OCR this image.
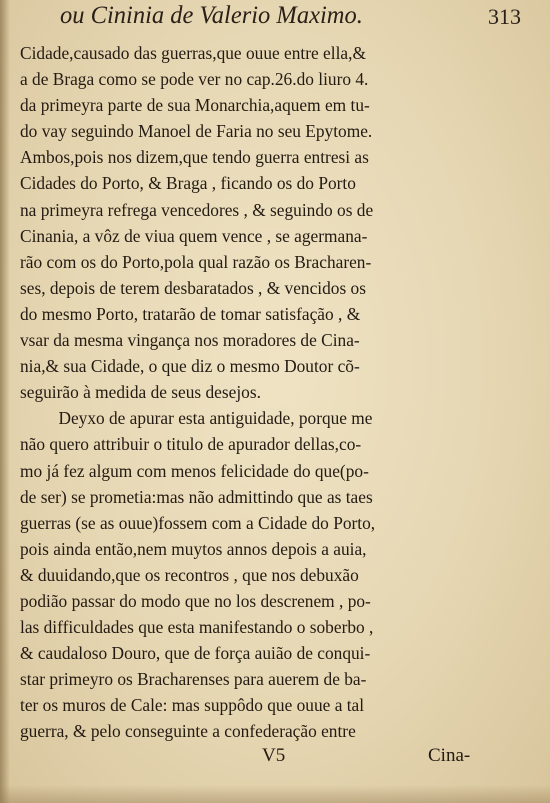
ou Cininia de Valerio Maximo.	313
Cidade,causado das guerras,que ouue entre ella,&
a de Braga como se pode ver no cap.26.do liuro 4.
da primeyra parte de sua Monarchia,aquem em tu-
do vay seguindo Manoel de Faria no seu Epytome.
Ambos,pois nos dizem,que tendo guerra entresi as
Cidades do Porto, & Braga , ficando os do Porto
na primeyra refrega vencedores , & seguindo os de
Cinania, a vôz de viua quem vence , se agermana-
rão com os do Porto,pola qual razão os Bracharen-
ses, depois de terem desbaratados , & vencidos os
do mesmo Porto, tratarão de tomar satisfação , &
vsar da mesma vingança nos moradores de Cina-
nia,& sua Cidade, o que diz o mesmo Doutor cõ-
seguirão à medida de seus desejos.
Deyxo de apurar esta antiguidade, porque me
não quero attribuir o titulo de apurador dellas,co-
mo já fez algum com menos felicidade do que(po-
de ser) se prometia:mas não admittindo que as taes
guerras (se as ouue)fossem com a Cidade do Porto,
pois ainda então,nem muytos annos depois a auia,
& duuidando,que os recontros , que nos debuxão
podião passar do modo que no los descrenem , po-
las difficuldades que esta manifestando o soberbo ,
& caudaloso Douro, que de força auião de conqui-
star primeyro os Bracharenses para auerem de ba-
ter os muros de Cale: mas suppôdo que ouue a tal
guerra, & pelo conseguinte a confederação entre
V5	Cina-
